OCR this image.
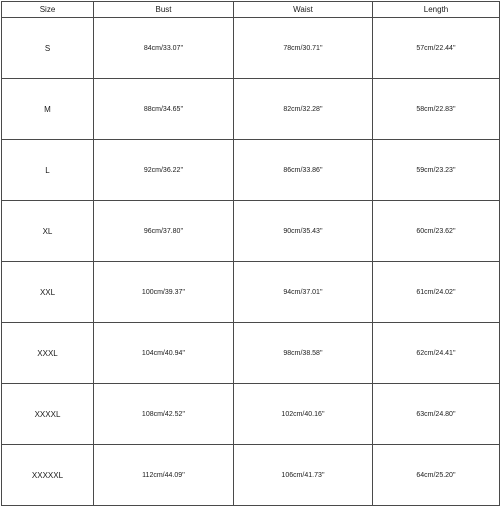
Size	Bust	Waist	Length
S	84cm/33.07''	78cm/30.71''	57cm/22.44''
M	88cm/34.65''	82cm/32.28''	58cm/22.83''
L	92cm/36.22''	86cm/33.86''	59cm/23.23''
XL	96cm/37.80''	90cm/35.43''	60cm/23.62''
XXL	100cm/39.37''	94cm/37.01''	61cm/24.02''
XXXL	104cm/40.94''	98cm/38.58''	62cm/24.41''
XXXXL	108cm/42.52''	102cm/40.16''	63cm/24.80''
XXXXXL	112cm/44.09''	106cm/41.73''	64cm/25.20''
